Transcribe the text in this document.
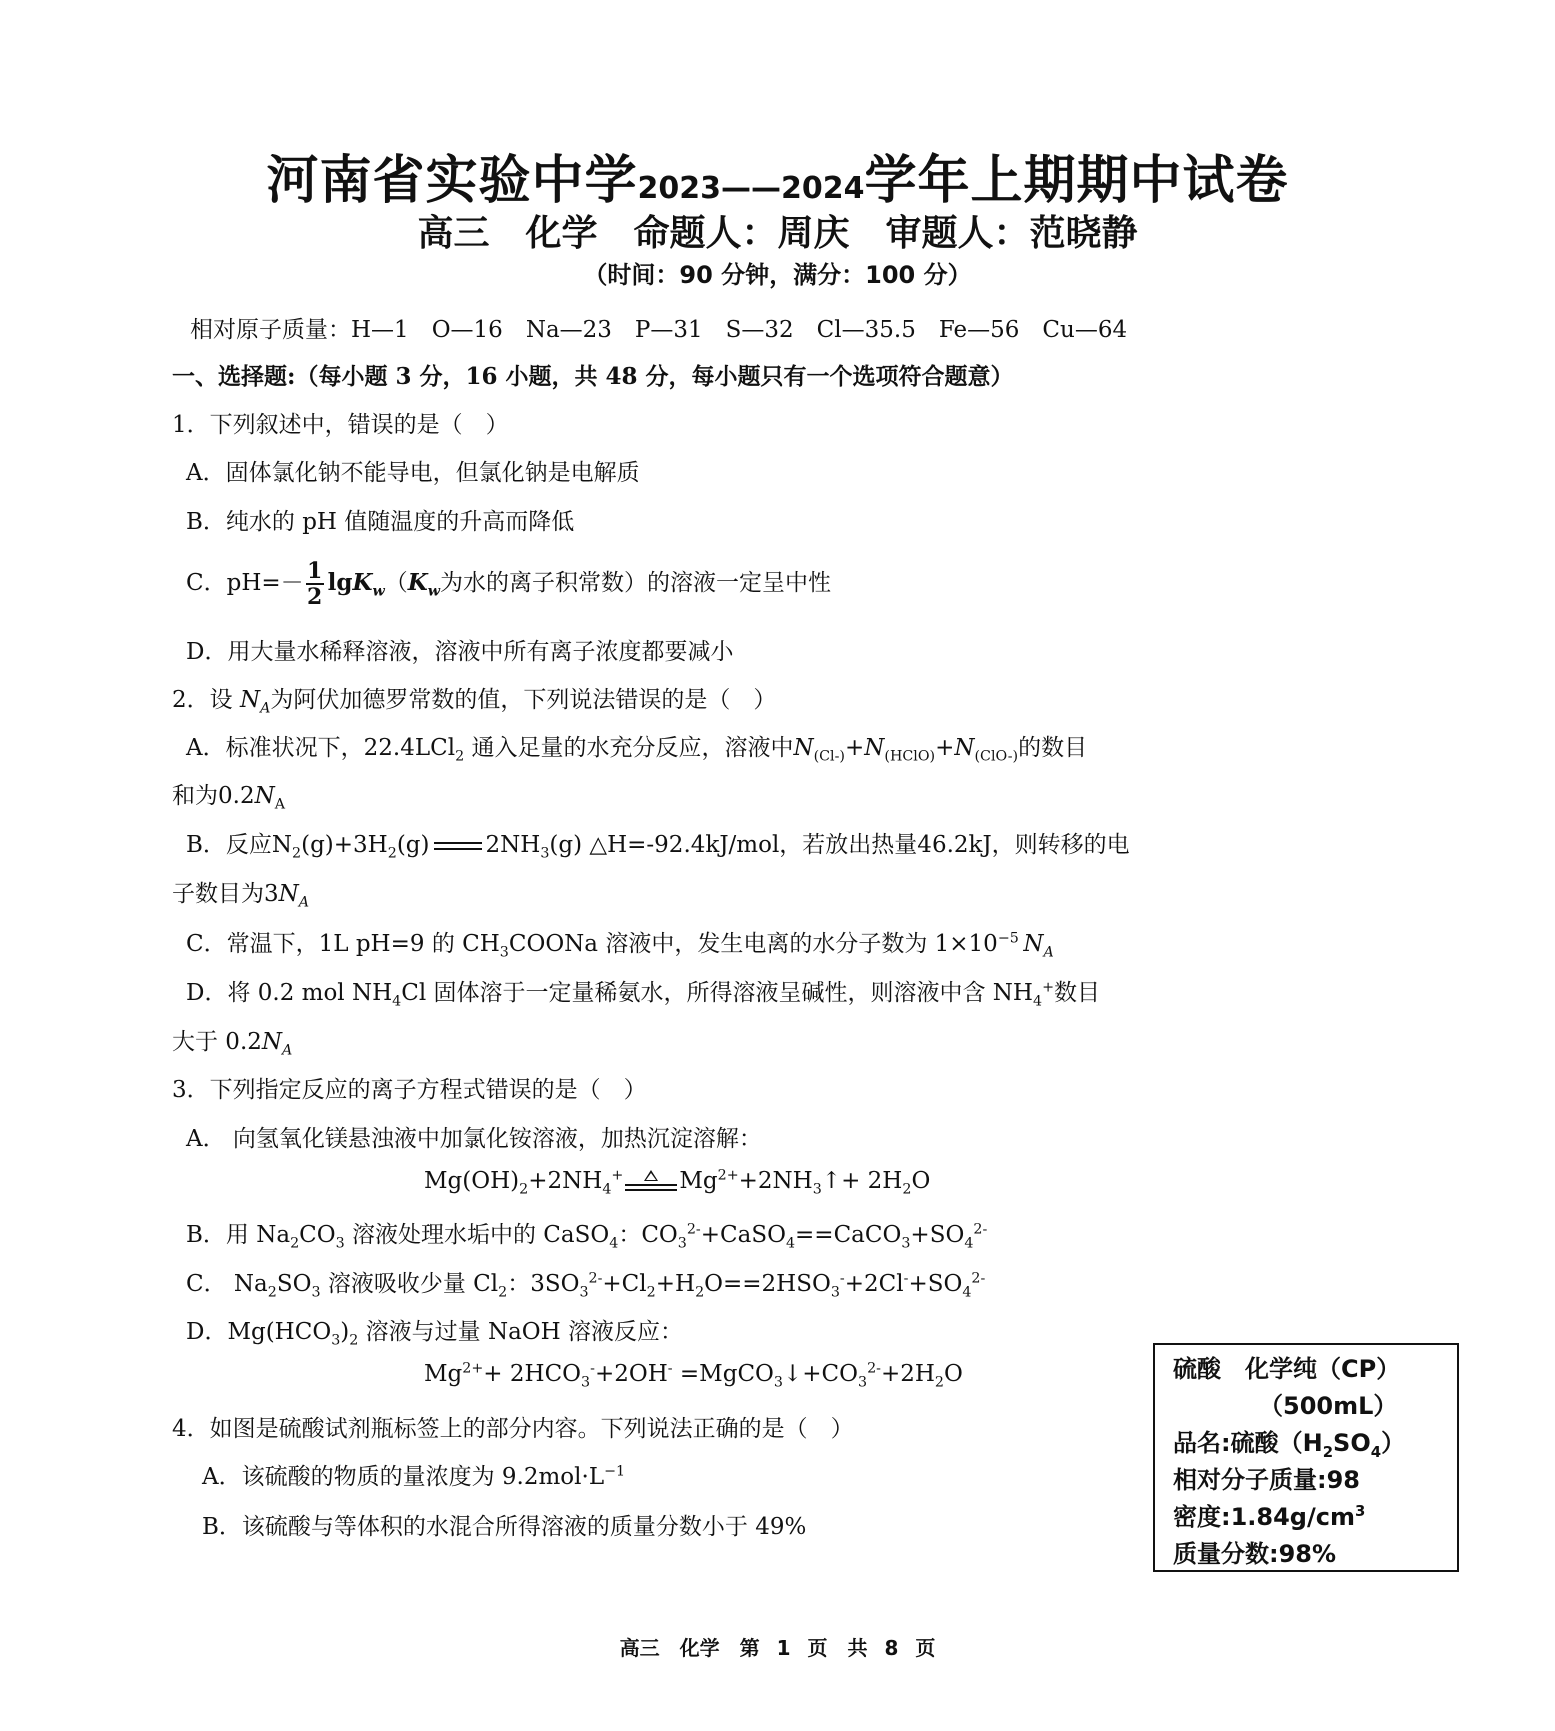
河南省实验中学2023——2024学年上期期中试卷
高三　化学　命题人：周庆　审题人：范晓静
（时间：90 分钟，满分：100 分）
相对原子质量：H—1　O—16　Na—23　P—31　S—32　Cl—35.5　Fe—56　Cu—64
一、选择题:（每小题 3 分，16 小题，共 48 分，每小题只有一个选项符合题意）
1．下列叙述中，错误的是（　）
A．固体氯化钠不能导电，但氯化钠是电解质
B．纯水的 pH 值随温度的升高而降低
C．$pH=- \frac{1}{2} \lg K_w(K_w$为水的离子积常数）的溶液一定呈中性
D．用大量水稀释溶液，溶液中所有离子浓度都要减小
2．设 $N_A$为阿伏加德罗常数的值，下列说法错误的是（　）
A．标准状况下，22.4LCl$_2$ 通入足量的水充分反应，溶液中$N_{(Cl-)}+N_{(HClO)}+N_{(ClO-)}$的数目
和为$0.2N_A$
B．反应$N_2(g)+3H_2(g)$ $2NH_3(g)$ △H=-92.4kJ/mol，若放出热量46.2kJ，则转移的电
子数目为$3N_A$
C．常温下，1L pH=9 的 $CH_3COONa$ 溶液中，发生电离的水分子数为 $1\times 10^{-5}$ $N_A$
D．将 0.2 mol $NH_4Cl$ 固体溶于一定量稀氨水，所得溶液呈碱性，则溶液中含 $NH_4^+$数目
大于 $0.2N_A$
3．下列指定反应的离子方程式错误的是（　）
A． 向氢氧化镁悬浊液中加氯化铵溶液，加热沉淀溶解：
$Mg(OH)_2+2NH_4^+$ $Mg^{2+}+2NH_3↑+ 2H_2O$
B．用 $Na_2CO_3$ 溶液处理水垢中的 CaSO$_4$：$CO_3^{2-}+CaSO_4==CaCO_3+SO_4^{2-}$
C． $Na_2SO_3$ 溶液吸收少量 $Cl_2$：$3SO_3^{2-}+Cl_2+H_2O==2HSO_3^-+2Cl^-+SO_4^{2-}$
D．$Mg(HCO_3)_2$ 溶液与过量 NaOH 溶液反应：
$Mg^{2+}+ 2HCO_3^-+2OH^-$ $=MgCO_3↓+CO_3^{2-}+2H_2O$
4．如图是硫酸试剂瓶标签上的部分内容。下列说法正确的是（　）
A．该硫酸的物质的量浓度为 $9.2mol\cdot L^{-1}$
B．该硫酸与等体积的水混合所得溶液的质量分数小于 49%
硫酸　化学纯（CP）
（500mL）
品名:硫酸$(H_2SO_4)$
相对分子质量:98
密度$:1.84g/cm^3$
质量分数:98%
高三　化学　第 1 页　共 8 页
